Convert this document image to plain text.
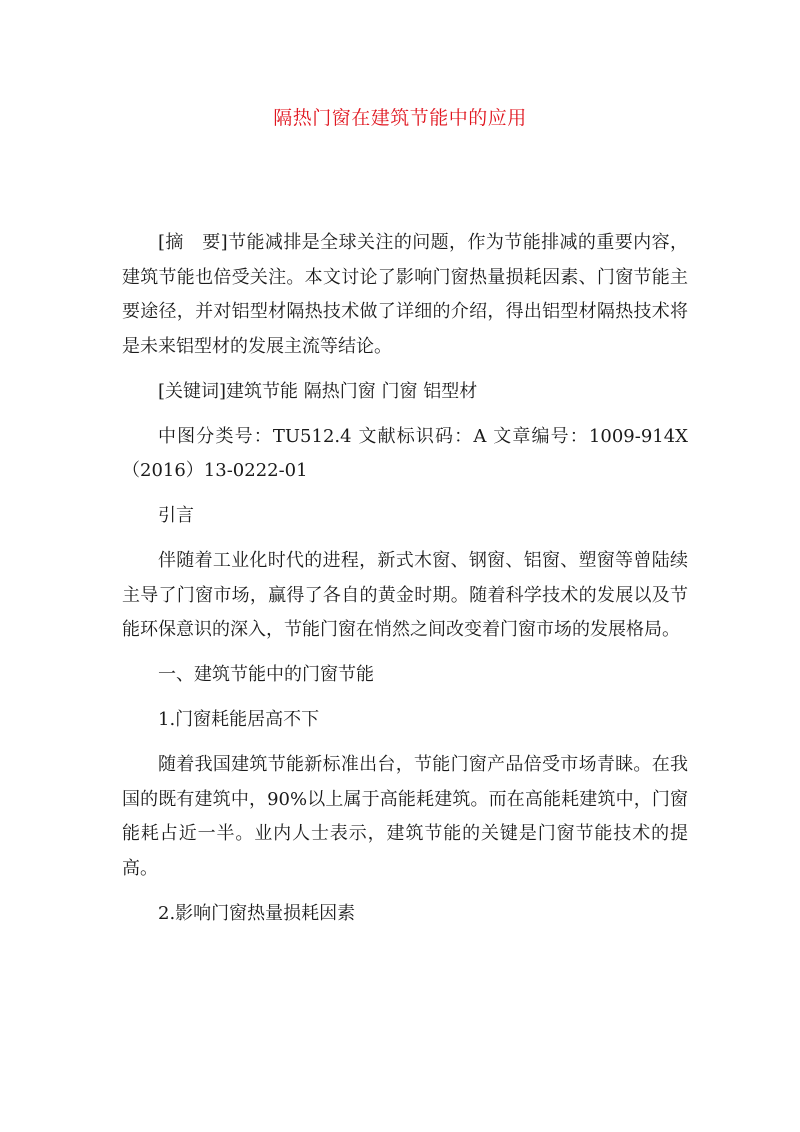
隔热门窗在建筑节能中的应用

[摘　要]节能减排是全球关注的问题，作为节能排减的重要内容，建筑节能也倍受关注。本文讨论了影响门窗热量损耗因素、门窗节能主要途径，并对铝型材隔热技术做了详细的介绍，得出铝型材隔热技术将是未来铝型材的发展主流等结论。

[关键词]建筑节能 隔热门窗 门窗 铝型材

中图分类号：TU512.4 文献标识码：A 文章编号：1009-914X（2016）13-0222-01

引言

伴随着工业化时代的进程，新式木窗、钢窗、铝窗、塑窗等曾陆续主导了门窗市场，赢得了各自的黄金时期。随着科学技术的发展以及节能环保意识的深入，节能门窗在悄然之间改变着门窗市场的发展格局。

一、建筑节能中的门窗节能

1.门窗耗能居高不下

随着我国建筑节能新标准出台，节能门窗产品倍受市场青睐。在我国的既有建筑中，90%以上属于高能耗建筑。而在高能耗建筑中，门窗能耗占近一半。业内人士表示，建筑节能的关键是门窗节能技术的提高。

2.影响门窗热量损耗因素
